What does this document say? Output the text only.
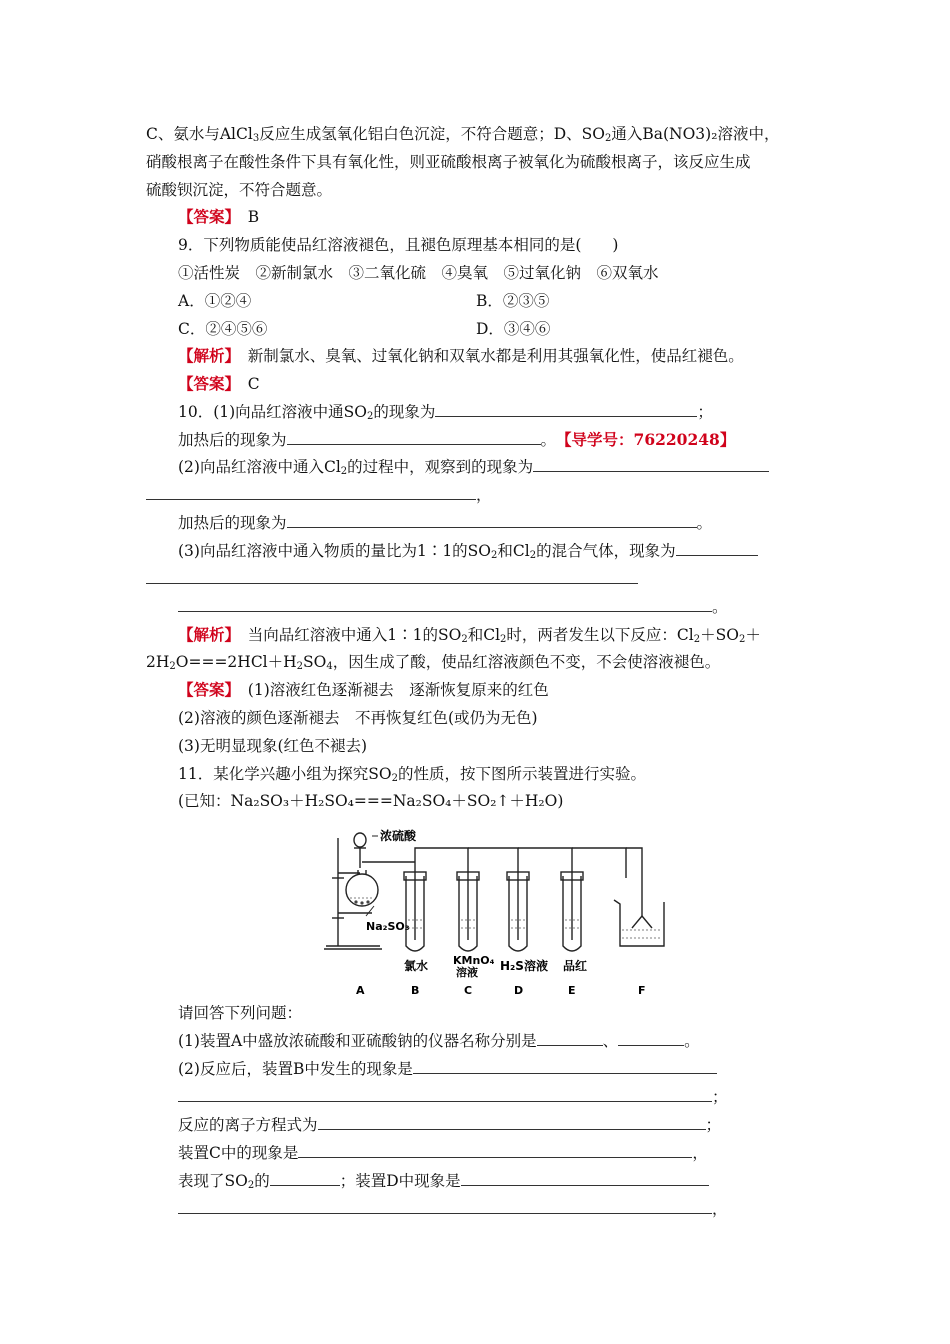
C、氨水与AlCl$_3$反应生成氢氧化铝白色沉淀，不符合题意；D、$SO_2$通入Ba(NO3)₂溶液中，
硝酸根离子在酸性条件下具有氧化性，则亚硫酸根离子被氧化为硫酸根离子，该反应生成
硫酸钡沉淀，不符合题意。
【答案】　 B
9．下列物质能使品红溶液褪色，且褪色原理基本相同的是(　　)
①活性炭　②新制氯水　③二氧化硫　④臭氧　⑤过氧化钠　⑥双氧水
A．①②④	B．②③⑤
C．②④⑤⑥	D．③④⑥
【解析】　 新制氯水、臭氧、过氧化钠和双氧水都是利用其强氧化性，使品红褪色。
【答案】　 C
10．(1)向品红溶液中通$SO_2$的现象为	；
加热后的现象为	。　 【导学号：76220248】
(2)向品红溶液中通入$Cl_2$的过程中，观察到的现象为
，
加热后的现象为	。
(3)向品红溶液中通入物质的量比为1∶1的$SO_2$和$Cl_2$的混合气体，现象为
。
【解析】　 当向品红溶液中通入1∶1的$SO_2$和$Cl_2$时，两者发生以下反应：$Cl_2+SO_2+$
$2H_2O===2HCl+H_2SO_4$，因生成了酸，使品红溶液颜色不变，不会使溶液褪色。
【答案】　 (1)溶液红色逐渐褪去　逐渐恢复原来的红色
(2)溶液的颜色逐渐褪去　不再恢复红色(或仍为无色)
(3)无明显现象(红色不褪去)
11．某化学兴趣小组为探究$SO_2$的性质，按下图所示装置进行实验。
(已知：Na₂SO₃＋H₂SO₄===Na₂SO₄＋SO₂↑＋H₂O)
浓硫酸
Na₂SO₃
氯水 KMnO₄
溶液 H₂S溶液 品红
A	B	C	D	E	F
请回答下列问题：
(1)装置A中盛放浓硫酸和亚硫酸钠的仪器名称分别是	、	。
(2)反应后，装置B中发生的现象是
；
反应的离子方程式为	；
装置C中的现象是	，
表现了$SO_2$的	；装置D中现象是
，
